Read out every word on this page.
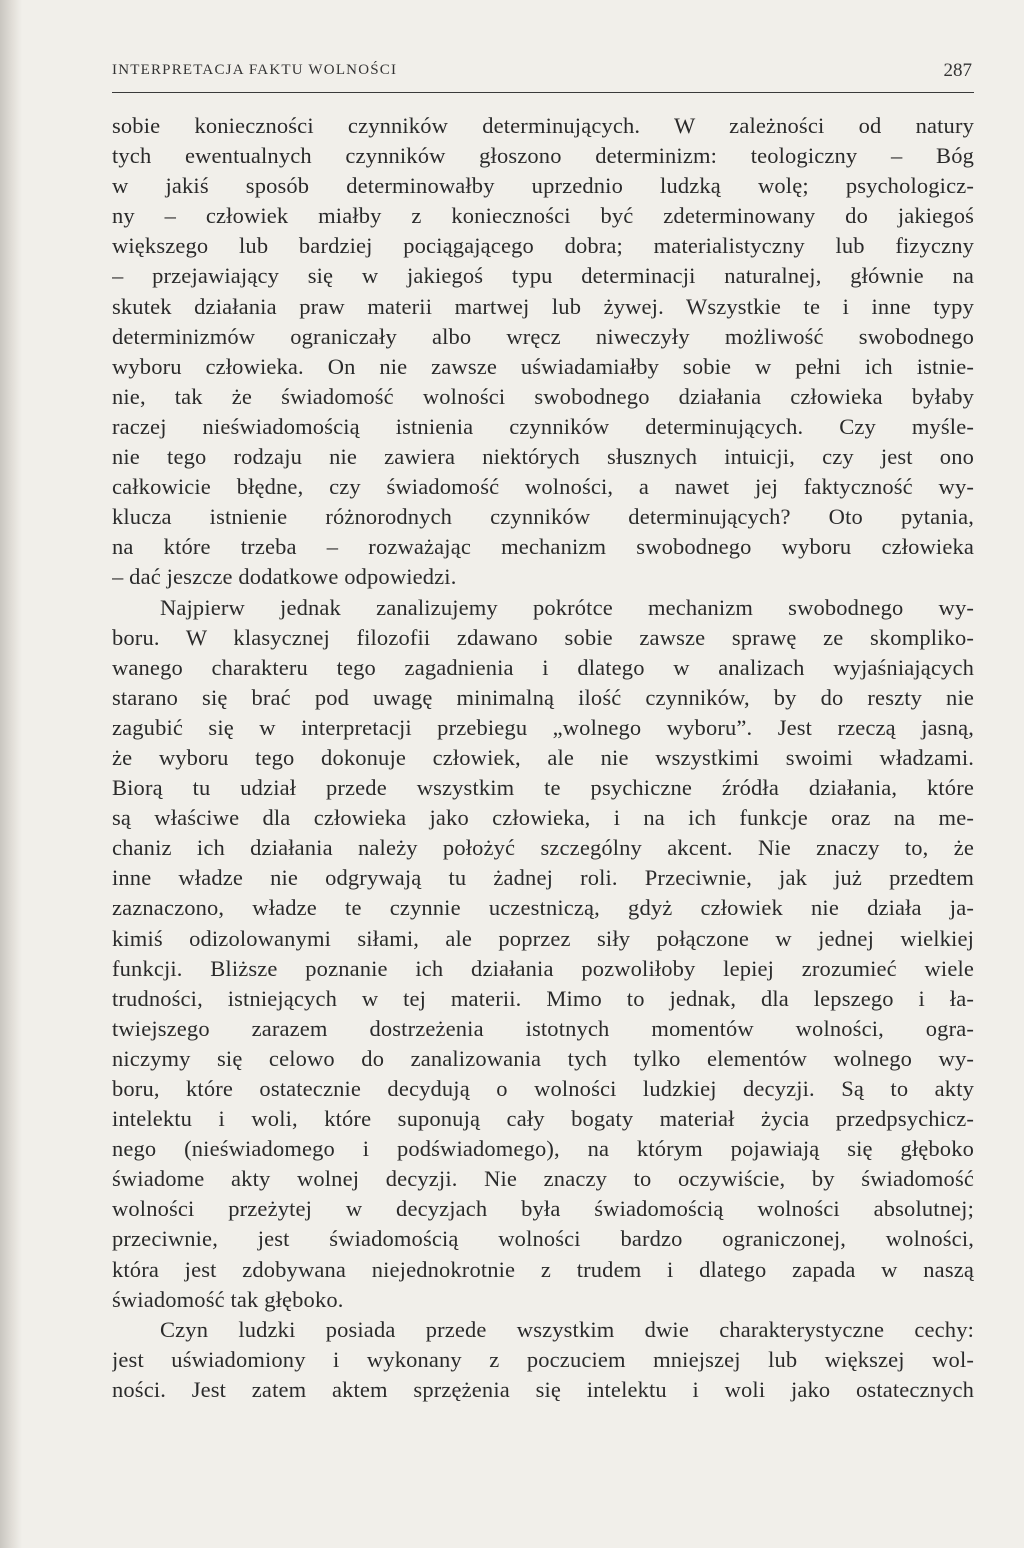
INTERPRETACJA FAKTU WOLNOŚCI	287
sobie konieczności czynników determinujących. W zależności od natury
tych ewentualnych czynników głoszono determinizm: teologiczny – Bóg
w jakiś sposób determinowałby uprzednio ludzką wolę; psychologicz-
ny – człowiek miałby z konieczności być zdeterminowany do jakiegoś
większego lub bardziej pociągającego dobra; materialistyczny lub fizyczny
– przejawiający się w jakiegoś typu determinacji naturalnej, głównie na
skutek działania praw materii martwej lub żywej. Wszystkie te i inne typy
determinizmów ograniczały albo wręcz niweczyły możliwość swobodnego
wyboru człowieka. On nie zawsze uświadamiałby sobie w pełni ich istnie-
nie, tak że świadomość wolności swobodnego działania człowieka byłaby
raczej nieświadomością istnienia czynników determinujących. Czy myśle-
nie tego rodzaju nie zawiera niektórych słusznych intuicji, czy jest ono
całkowicie błędne, czy świadomość wolności, a nawet jej faktyczność wy-
klucza istnienie różnorodnych czynników determinujących? Oto pytania,
na które trzeba – rozważając mechanizm swobodnego wyboru człowieka
– dać jeszcze dodatkowe odpowiedzi.
Najpierw jednak zanalizujemy pokrótce mechanizm swobodnego wy-
boru. W klasycznej filozofii zdawano sobie zawsze sprawę ze skompliko-
wanego charakteru tego zagadnienia i dlatego w analizach wyjaśniających
starano się brać pod uwagę minimalną ilość czynników, by do reszty nie
zagubić się w interpretacji przebiegu „wolnego wyboru”. Jest rzeczą jasną,
że wyboru tego dokonuje człowiek, ale nie wszystkimi swoimi władzami.
Biorą tu udział przede wszystkim te psychiczne źródła działania, które
są właściwe dla człowieka jako człowieka, i na ich funkcje oraz na me-
chaniz ich działania należy położyć szczególny akcent. Nie znaczy to, że
inne władze nie odgrywają tu żadnej roli. Przeciwnie, jak już przedtem
zaznaczono, władze te czynnie uczestniczą, gdyż człowiek nie działa ja-
kimiś odizolowanymi siłami, ale poprzez siły połączone w jednej wielkiej
funkcji. Bliższe poznanie ich działania pozwoliłoby lepiej zrozumieć wiele
trudności, istniejących w tej materii. Mimo to jednak, dla lepszego i ła-
twiejszego zarazem dostrzeżenia istotnych momentów wolności, ogra-
niczymy się celowo do zanalizowania tych tylko elementów wolnego wy-
boru, które ostatecznie decydują o wolności ludzkiej decyzji. Są to akty
intelektu i woli, które suponują cały bogaty materiał życia przedpsychicz-
nego (nieświadomego i podświadomego), na którym pojawiają się głęboko
świadome akty wolnej decyzji. Nie znaczy to oczywiście, by świadomość
wolności przeżytej w decyzjach była świadomością wolności absolutnej;
przeciwnie, jest świadomością wolności bardzo ograniczonej, wolności,
która jest zdobywana niejednokrotnie z trudem i dlatego zapada w naszą
świadomość tak głęboko.
Czyn ludzki posiada przede wszystkim dwie charakterystyczne cechy:
jest uświadomiony i wykonany z poczuciem mniejszej lub większej wol-
ności. Jest zatem aktem sprzężenia się intelektu i woli jako ostatecznych
